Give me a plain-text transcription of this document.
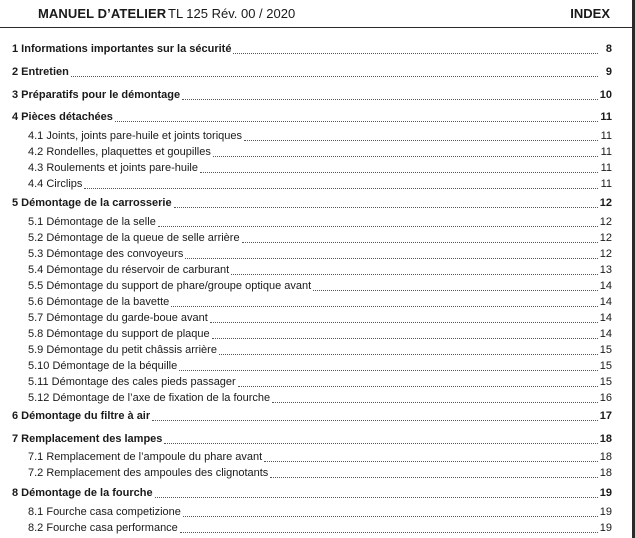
MANUEL D’ATELIER TL 125 Rév. 00 / 2020	INDEX
1 Informations importantes sur la sécurité	8
2 Entretien	9
3 Préparatifs pour le démontage	10
4 Pièces détachées	11
4.1 Joints, joints pare-huile et joints toriques	11
4.2 Rondelles, plaquettes et goupilles	11
4.3 Roulements et joints pare-huile	11
4.4 Circlips	11
5 Démontage de la carrosserie	12
5.1 Démontage de la selle	12
5.2 Démontage de la queue de selle arrière	12
5.3 Démontage des convoyeurs	12
5.4 Démontage du réservoir de carburant	13
5.5 Démontage du support de phare/groupe optique avant	14
5.6 Démontage de la bavette	14
5.7 Démontage du garde-boue avant	14
5.8 Démontage du support de plaque	14
5.9 Démontage du petit châssis arrière	15
5.10 Démontage de la béquille	15
5.11 Démontage des cales pieds passager	15
5.12 Démontage de l’axe de fixation de la fourche	16
6 Démontage du filtre à air	17
7 Remplacement des lampes	18
7.1 Remplacement de l’ampoule du phare avant	18
7.2 Remplacement des ampoules des clignotants	18
8 Démontage de la fourche	19
8.1 Fourche casa competizione	19
8.2 Fourche casa performance	19
